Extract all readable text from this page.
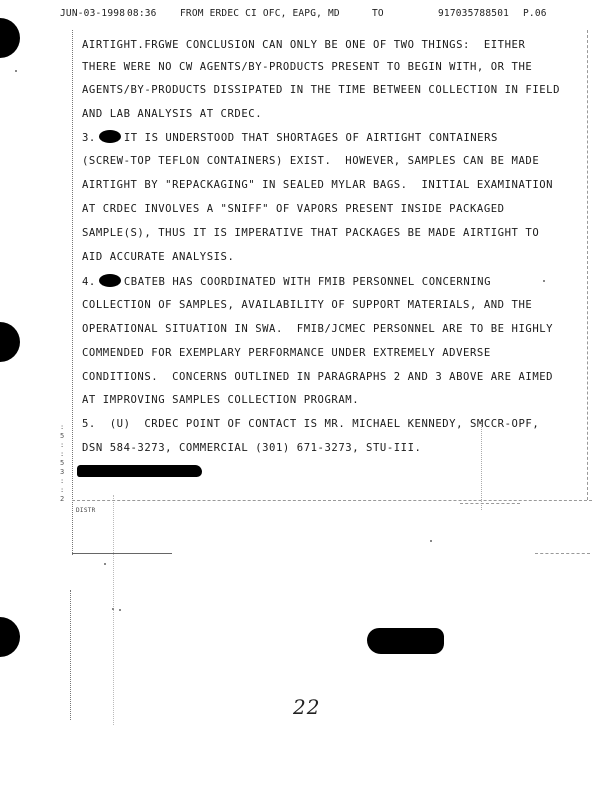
JUN-03-1998 08:36 FROM ERDEC CI OFC, EAPG, MD	TO	917035788501 P.06
AIRTIGHT.FRGWE CONCLUSION CAN ONLY BE ONE OF TWO THINGS:  EITHER
THERE WERE NO CW AGENTS/BY-PRODUCTS PRESENT TO BEGIN WITH, OR THE
AGENTS/BY-PRODUCTS DISSIPATED IN THE TIME BETWEEN COLLECTION IN FIELD
AND LAB ANALYSIS AT CRDEC.
3.	IT IS UNDERSTOOD THAT SHORTAGES OF AIRTIGHT CONTAINERS
(SCREW-TOP TEFLON CONTAINERS) EXIST.  HOWEVER, SAMPLES CAN BE MADE
AIRTIGHT BY "REPACKAGING" IN SEALED MYLAR BAGS.  INITIAL EXAMINATION
AT CRDEC INVOLVES A "SNIFF" OF VAPORS PRESENT INSIDE PACKAGED
SAMPLE(S), THUS IT IS IMPERATIVE THAT PACKAGES BE MADE AIRTIGHT TO
AID ACCURATE ANALYSIS.
4.	CBATEB HAS COORDINATED WITH FMIB PERSONNEL CONCERNING
COLLECTION OF SAMPLES, AVAILABILITY OF SUPPORT MATERIALS, AND THE
OPERATIONAL SITUATION IN SWA.  FMIB/JCMEC PERSONNEL ARE TO BE HIGHLY
COMMENDED FOR EXEMPLARY PERFORMANCE UNDER EXTREMELY ADVERSE
CONDITIONS.  CONCERNS OUTLINED IN PARAGRAPHS 2 AND 3 ABOVE ARE AIMED
AT IMPROVING SAMPLES COLLECTION PROGRAM.
5.  (U)  CRDEC POINT OF CONTACT IS MR. MICHAEL KENNEDY, SMCCR-OPF,
DSN 584-3273, COMMERCIAL (301) 671-3273, STU-III.
:
5
:
:
5
3
:
:
2
DISTR
22
